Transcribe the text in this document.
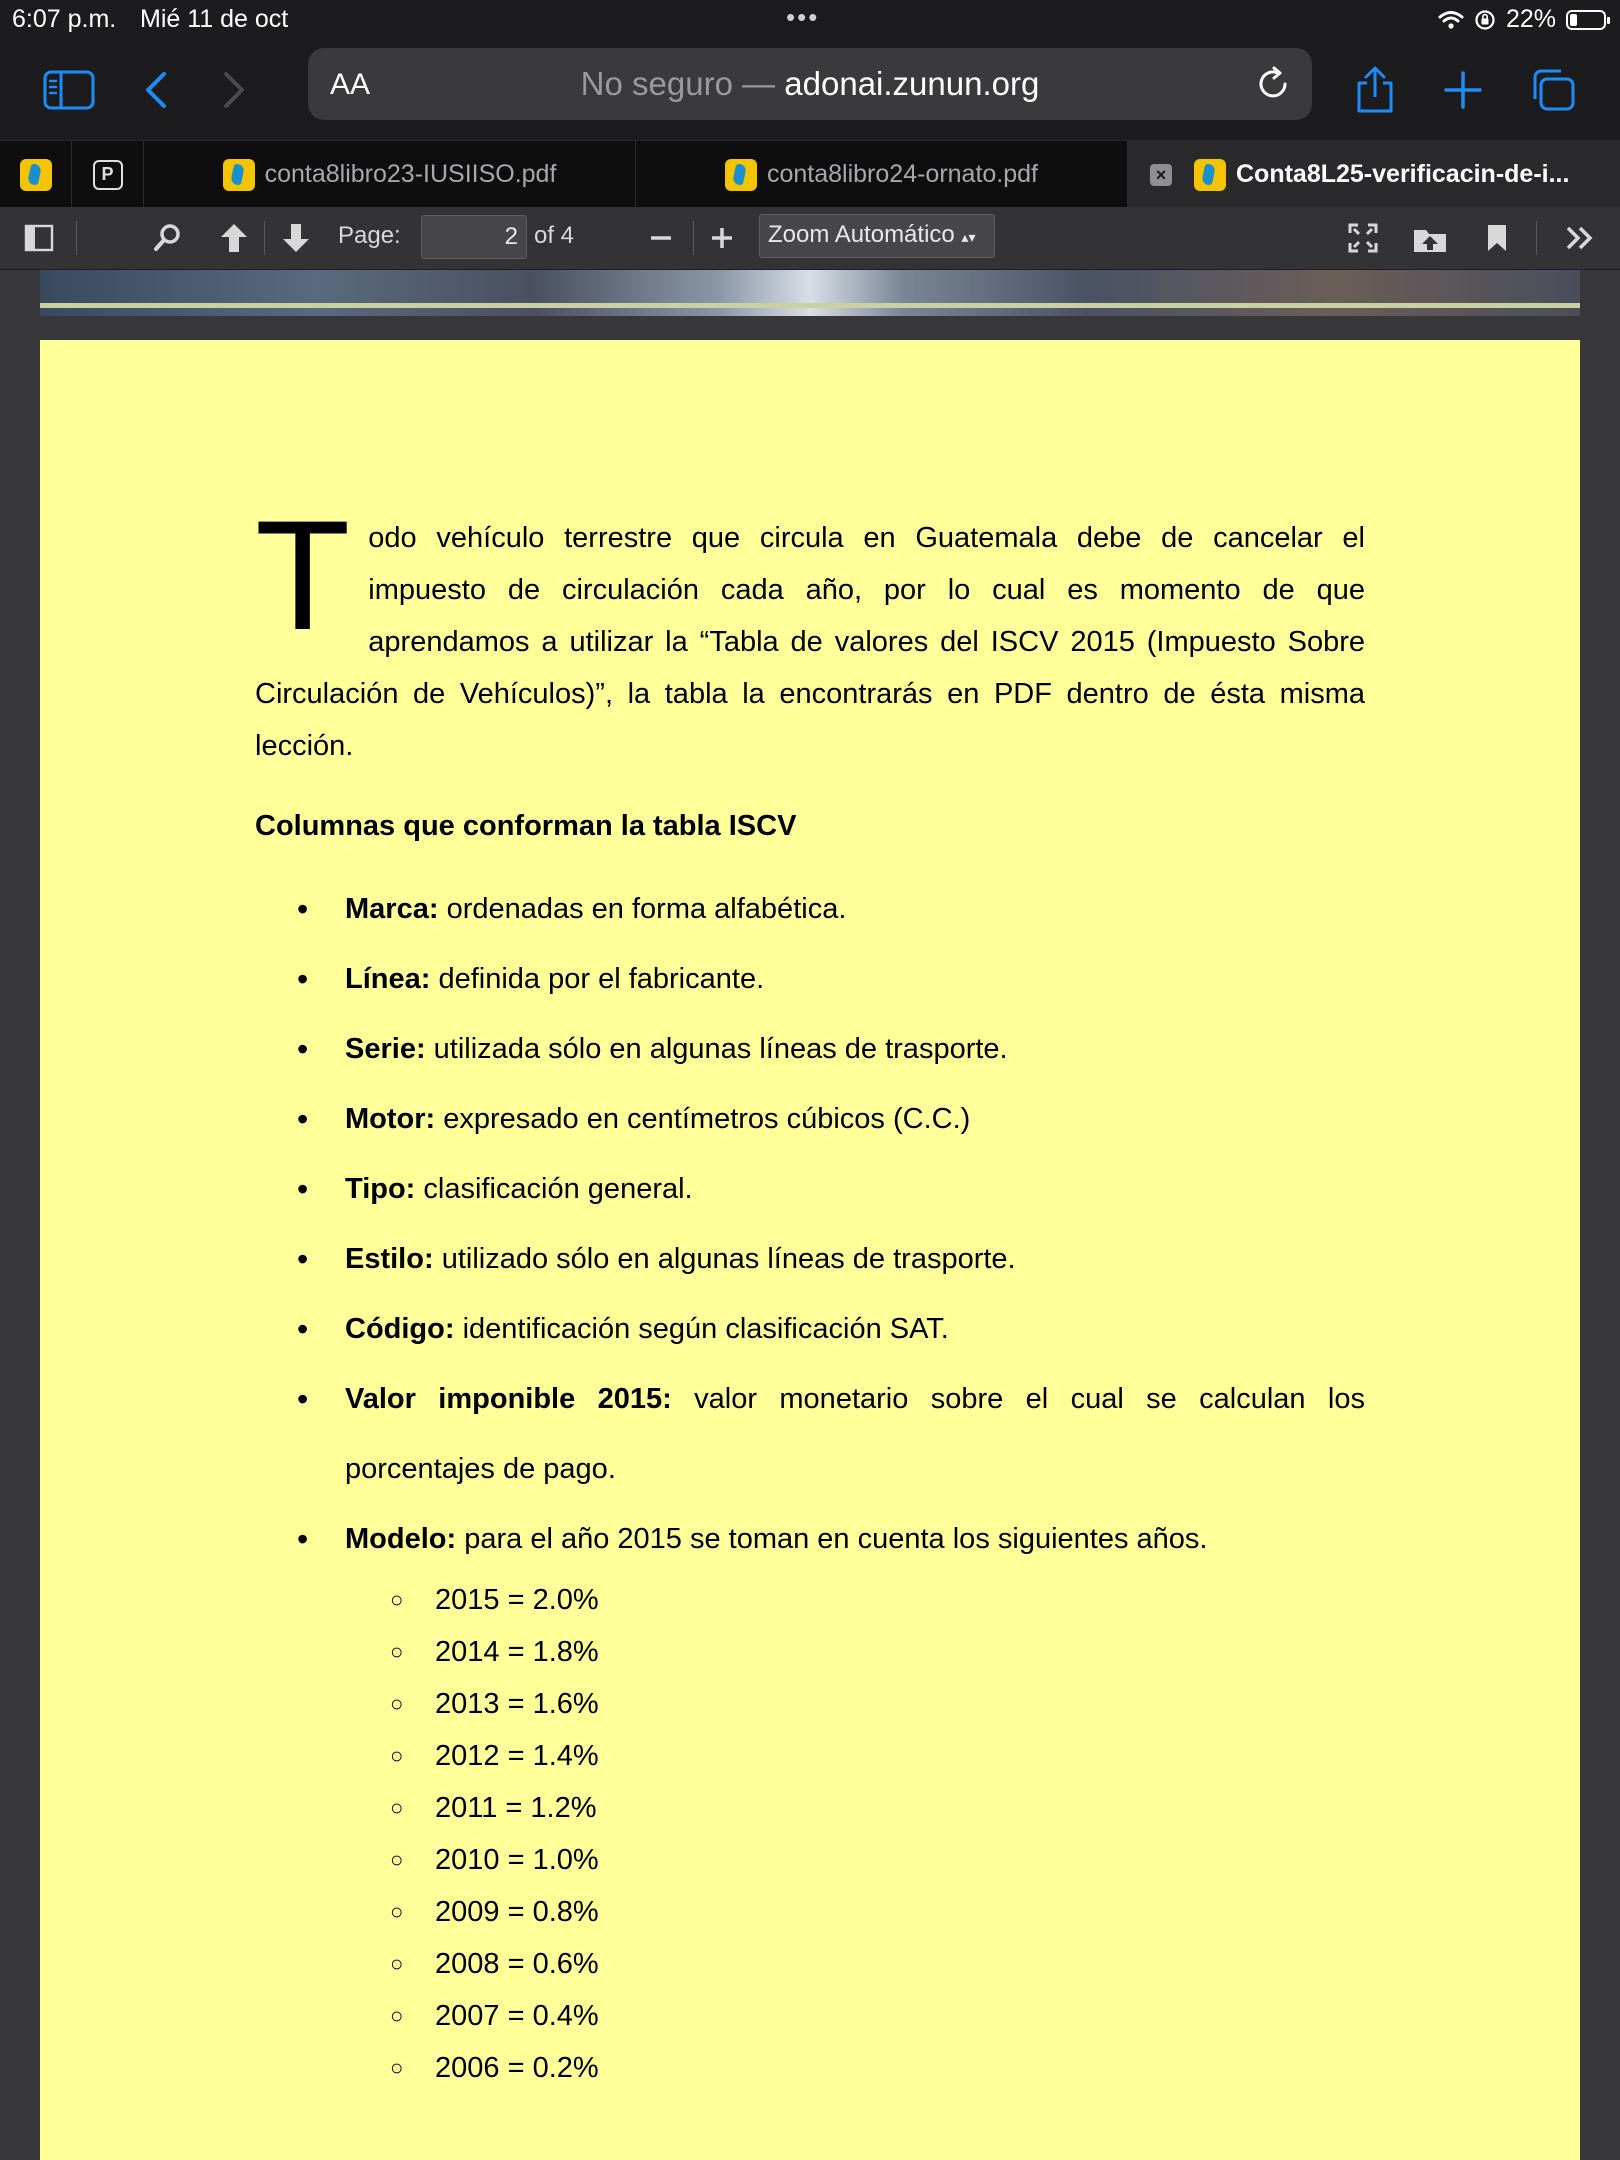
6:07 p.m. Mié 11 de oct	•••	22%
AA	No seguro — adonai.zunun.org
P	conta8libro23-IUSIISO.pdf	conta8libro24-ornato.pdf	×	Conta8L25-verificacin-de-i...
Page:
2	of 4	Zoom Automático ▴▾

Todo vehículo terrestre que circula en Guatemala debe de cancelar el impuesto de circulación cada año, por lo cual es momento de que aprendamos a utilizar la “Tabla de valores del ISCV 2015 (Impuesto Sobre Circulación de Vehículos)”, la tabla la encontrarás en PDF dentro de ésta misma lección.

Columnas que conforman la tabla ISCV

• Marca: ordenadas en forma alfabética.
• Línea: definida por el fabricante.
• Serie: utilizada sólo en algunas líneas de trasporte.
• Motor: expresado en centímetros cúbicos (C.C.)
• Tipo: clasificación general.
• Estilo: utilizado sólo en algunas líneas de trasporte.
• Código: identificación según clasificación SAT.
• Valor imponible 2015: valor monetario sobre el cual se calculan los porcentajes de pago.
• Modelo: para el año 2015 se toman en cuenta los siguientes años.
○ 2015 = 2.0%
○ 2014 = 1.8%
○ 2013 = 1.6%
○ 2012 = 1.4%
○ 2011 = 1.2%
○ 2010 = 1.0%
○ 2009 = 0.8%
○ 2008 = 0.6%
○ 2007 = 0.4%
○ 2006 = 0.2%
